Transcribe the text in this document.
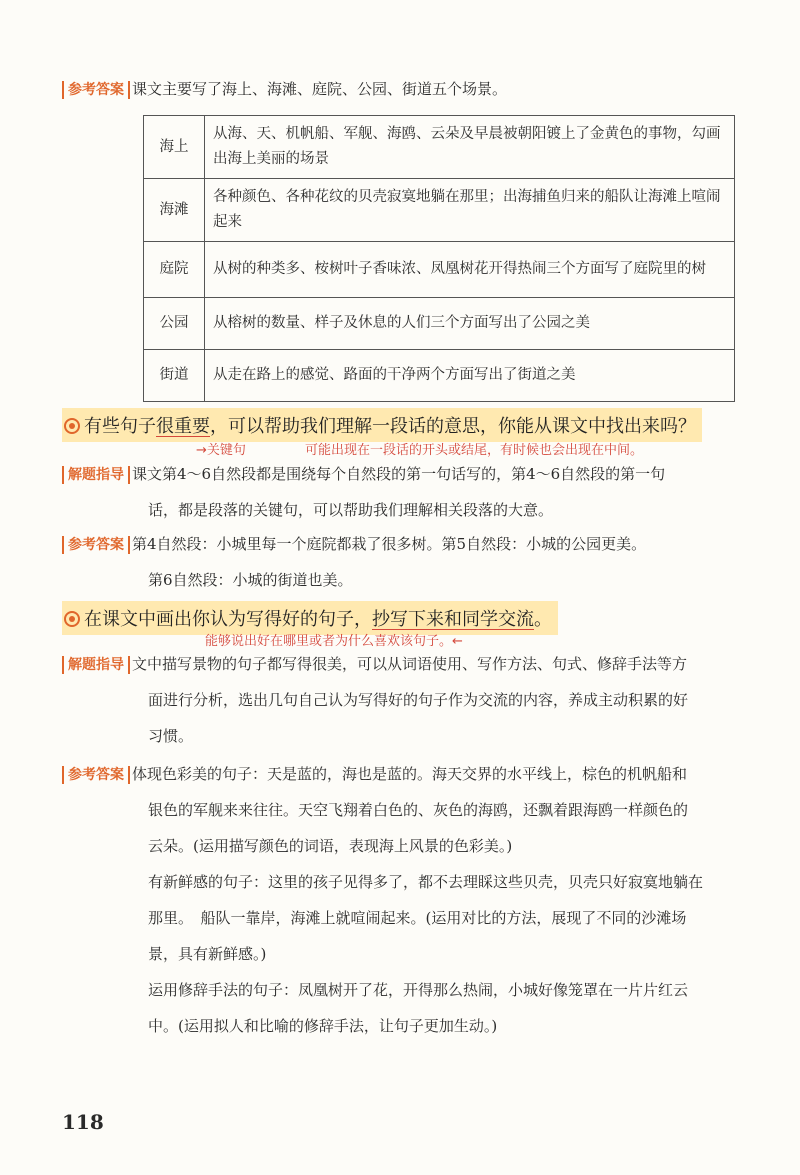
参考答案 课文主要写了海上、海滩、庭院、公园、街道五个场景。
海上	从海、天、机帆船、军舰、海鸥、云朵及早晨被朝阳镀上了金黄色的事物，勾画出海上美丽的场景
海滩	各种颜色、各种花纹的贝壳寂寞地躺在那里；出海捕鱼归来的船队让海滩上喧闹起来
庭院	从树的种类多、桉树叶子香味浓、凤凰树花开得热闹三个方面写了庭院里的树
公园	从榕树的数量、样子及休息的人们三个方面写出了公园之美
街道	从走在路上的感觉、路面的干净两个方面写出了街道之美
有些句子很重要，可以帮助我们理解一段话的意思，你能从课文中找出来吗？
→关键句	可能出现在一段话的开头或结尾，有时候也会出现在中间。
解题指导 课文第4～6自然段都是围绕每个自然段的第一句话写的，第4～6自然段的第一句
话，都是段落的关键句，可以帮助我们理解相关段落的大意。
参考答案 第4自然段：小城里每一个庭院都栽了很多树。第5自然段：小城的公园更美。
第6自然段：小城的街道也美。
在课文中画出你认为写得好的句子，抄写下来和同学交流。
能够说出好在哪里或者为什么喜欢该句子。←
解题指导 文中描写景物的句子都写得很美，可以从词语使用、写作方法、句式、修辞手法等方
面进行分析，选出几句自己认为写得好的句子作为交流的内容，养成主动积累的好
习惯。
参考答案 体现色彩美的句子：天是蓝的，海也是蓝的。海天交界的水平线上，棕色的机帆船和
银色的军舰来来往往。天空飞翔着白色的、灰色的海鸥，还飘着跟海鸥一样颜色的
云朵。(运用描写颜色的词语，表现海上风景的色彩美。)
有新鲜感的句子：这里的孩子见得多了，都不去理睬这些贝壳，贝壳只好寂寞地躺在
那里。　船队一靠岸，海滩上就喧闹起来。(运用对比的方法，展现了不同的沙滩场
景，具有新鲜感。)
运用修辞手法的句子：凤凰树开了花，开得那么热闹，小城好像笼罩在一片片红云
中。(运用拟人和比喻的修辞手法，让句子更加生动。)
118
